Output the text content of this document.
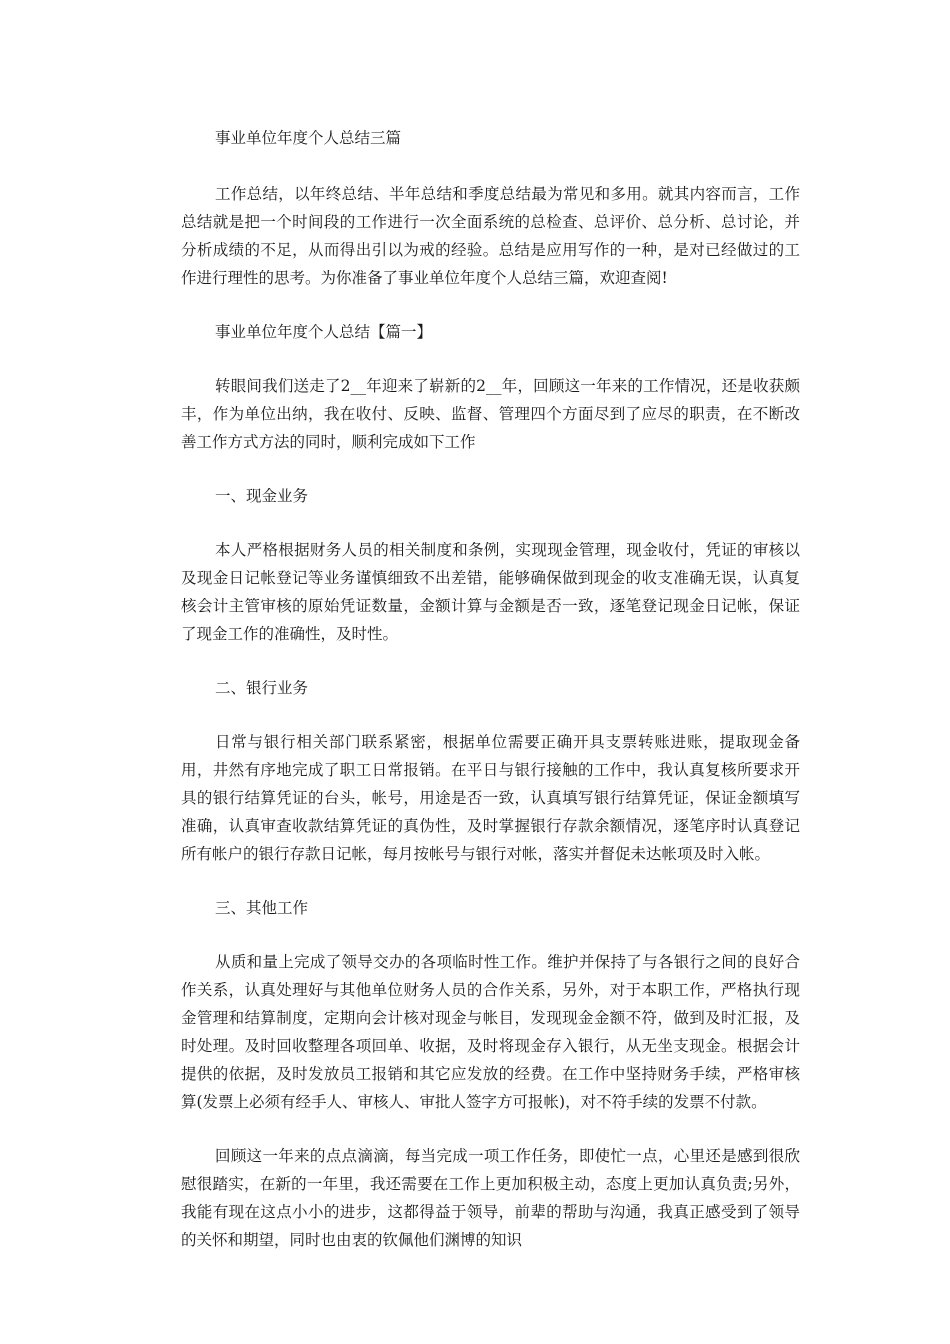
事业单位年度个人总结三篇

工作总结，以年终总结、半年总结和季度总结最为常见和多用。就其内容而言，工作总结就是把一个时间段的工作进行一次全面系统的总检查、总评价、总分析、总讨论，并分析成绩的不足，从而得出引以为戒的经验。总结是应用写作的一种，是对已经做过的工作进行理性的思考。为你准备了事业单位年度个人总结三篇，欢迎查阅!

事业单位年度个人总结【篇一】

转眼间我们送走了2__年迎来了崭新的2__年，回顾这一年来的工作情况，还是收获颇丰，作为单位出纳，我在收付、反映、监督、管理四个方面尽到了应尽的职责，在不断改善工作方式方法的同时，顺利完成如下工作

一、现金业务

本人严格根据财务人员的相关制度和条例，实现现金管理，现金收付，凭证的审核以及现金日记帐登记等业务谨慎细致不出差错，能够确保做到现金的收支准确无误，认真复核会计主管审核的原始凭证数量，金额计算与金额是否一致，逐笔登记现金日记帐，保证了现金工作的准确性，及时性。

二、银行业务

日常与银行相关部门联系紧密，根据单位需要正确开具支票转账进账，提取现金备用，井然有序地完成了职工日常报销。在平日与银行接触的工作中，我认真复核所要求开具的银行结算凭证的台头，帐号，用途是否一致，认真填写银行结算凭证，保证金额填写准确，认真审查收款结算凭证的真伪性，及时掌握银行存款余额情况，逐笔序时认真登记所有帐户的银行存款日记帐，每月按帐号与银行对帐，落实并督促未达帐项及时入帐。

三、其他工作

从质和量上完成了领导交办的各项临时性工作。维护并保持了与各银行之间的良好合作关系，认真处理好与其他单位财务人员的合作关系，另外，对于本职工作，严格执行现金管理和结算制度，定期向会计核对现金与帐目，发现现金金额不符，做到及时汇报，及时处理。及时回收整理各项回单、收据，及时将现金存入银行，从无坐支现金。根据会计提供的依据，及时发放员工报销和其它应发放的经费。在工作中坚持财务手续，严格审核算(发票上必须有经手人、审核人、审批人签字方可报帐)，对不符手续的发票不付款。

回顾这一年来的点点滴滴，每当完成一项工作任务，即使忙一点，心里还是感到很欣慰很踏实，在新的一年里，我还需要在工作上更加积极主动，态度上更加认真负责;另外，我能有现在这点小小的进步，这都得益于领导，前辈的帮助与沟通，我真正感受到了领导的关怀和期望，同时也由衷的钦佩他们渊博的知识
